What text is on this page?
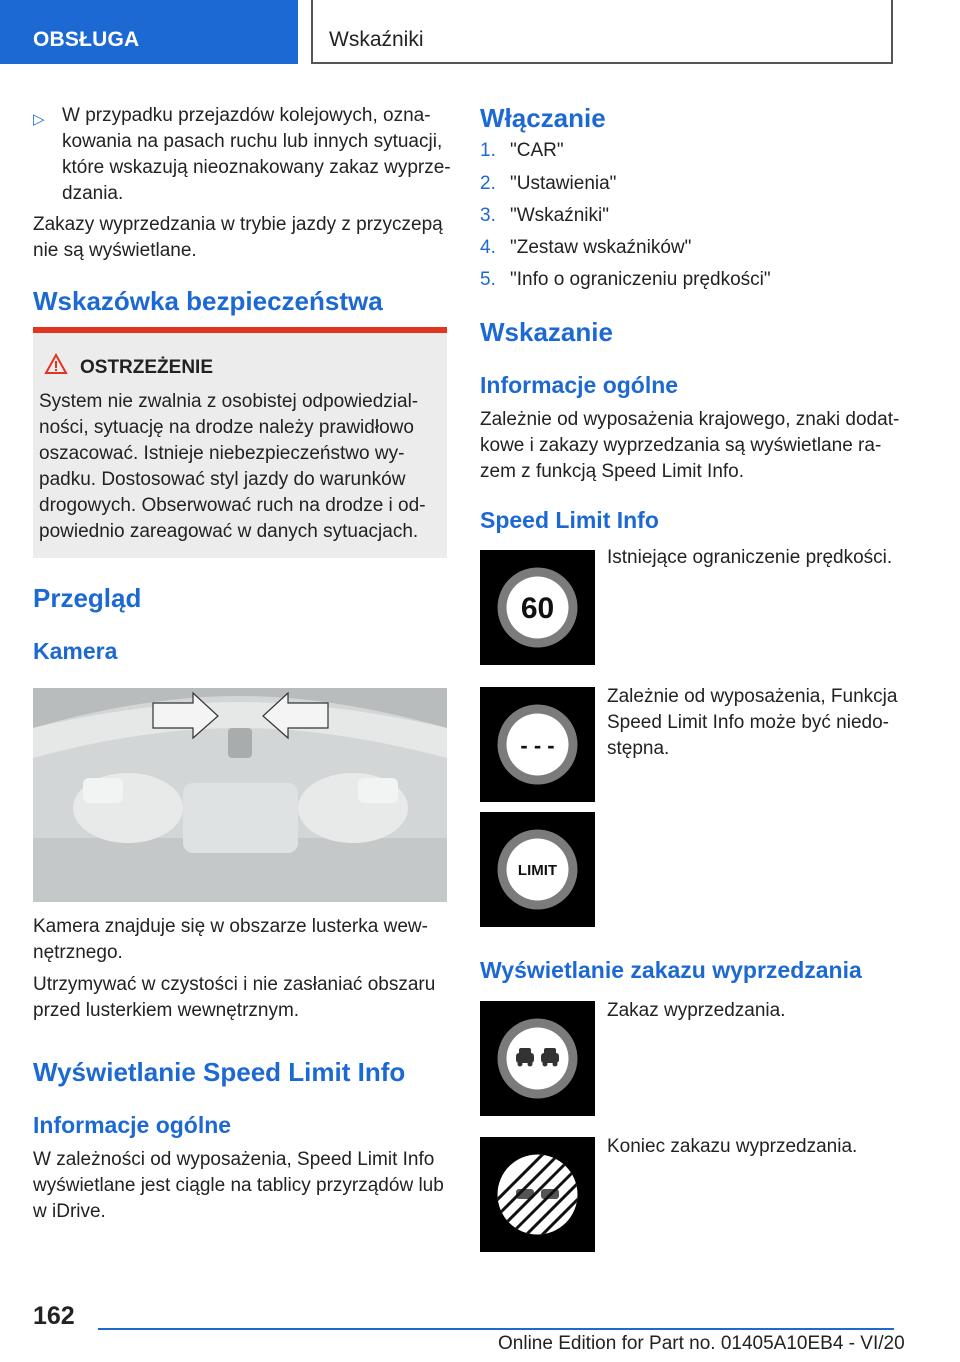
OBSŁUGA	Wskaźniki
▷ W przypadku przejazdów kolejowych, ozna-
kowania na pasach ruchu lub innych sytuacji,
które wskazują nieoznakowany zakaz wyprze-
dzania.
Zakazy wyprzedzania w trybie jazdy z przyczepą
nie są wyświetlane.
Wskazówka bezpieczeństwa
OSTRZEŻENIE
System nie zwalnia z osobistej odpowiedzial-
ności, sytuację na drodze należy prawidłowo
oszacować. Istnieje niebezpieczeństwo wy-
padku. Dostosować styl jazdy do warunków
drogowych. Obserwować ruch na drodze i od-
powiednio zareagować w danych sytuacjach.
Przegląd
Kamera
Kamera znajduje się w obszarze lusterka wew-
nętrznego.
Utrzymywać w czystości i nie zasłaniać obszaru
przed lusterkiem wewnętrznym.
Wyświetlanie Speed Limit Info
Informacje ogólne
W zależności od wyposażenia, Speed Limit Info
wyświetlane jest ciągle na tablicy przyrządów lub
w iDrive.
Włączanie
1. "CAR"
2. "Ustawienia"
3. "Wskaźniki"
4. "Zestaw wskaźników"
5. "Info o ograniczeniu prędkości"
Wskazanie
Informacje ogólne
Zależnie od wyposażenia krajowego, znaki dodat-
kowe i zakazy wyprzedzania są wyświetlane ra-
zem z funkcją Speed Limit Info.
Speed Limit Info
60
Istniejące ograniczenie prędkości.
- - -
Zależnie od wyposażenia, Funkcja
Speed Limit Info może być niedo-
stępna.
LIMIT
Wyświetlanie zakazu wyprzedzania
Zakaz wyprzedzania.
Koniec zakazu wyprzedzania.
162
Online Edition for Part no. 01405A10EB4 - VI/20
